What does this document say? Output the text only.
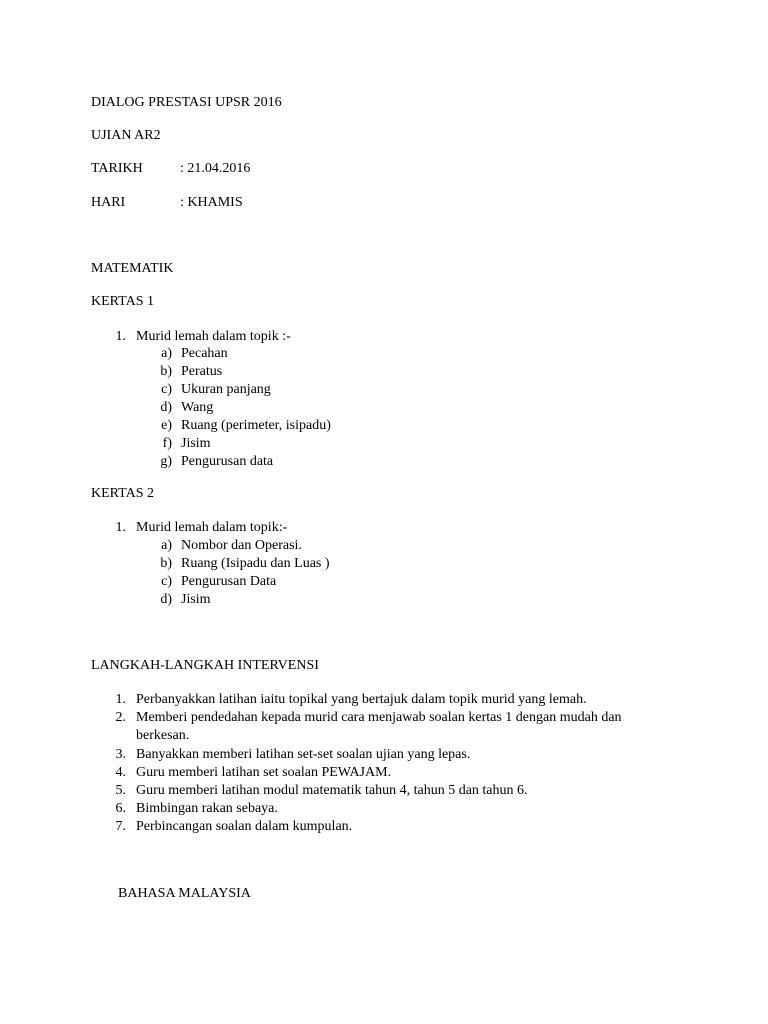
DIALOG PRESTASI UPSR 2016
UJIAN AR2
TARIKH	: 21.04.2016
HARI	: KHAMIS
MATEMATIK
KERTAS 1
1. Murid lemah dalam topik :-
a) Pecahan
b) Peratus
c) Ukuran panjang
d) Wang
e) Ruang (perimeter, isipadu)
f) Jisim
g) Pengurusan data
KERTAS 2
1. Murid lemah dalam topik:-
a) Nombor dan Operasi.
b) Ruang (Isipadu dan Luas )
c) Pengurusan Data
d) Jisim
LANGKAH-LANGKAH INTERVENSI
1. Perbanyakkan latihan iaitu topikal yang bertajuk dalam topik murid yang lemah.
2. Memberi pendedahan kepada murid cara menjawab soalan kertas 1 dengan mudah dan berkesan.
3. Banyakkan memberi latihan set-set soalan ujian yang lepas.
4. Guru memberi latihan set soalan PEWAJAM.
5. Guru memberi latihan modul matematik tahun 4, tahun 5 dan tahun 6.
6. Bimbingan rakan sebaya.
7. Perbincangan soalan dalam kumpulan.
BAHASA MALAYSIA
